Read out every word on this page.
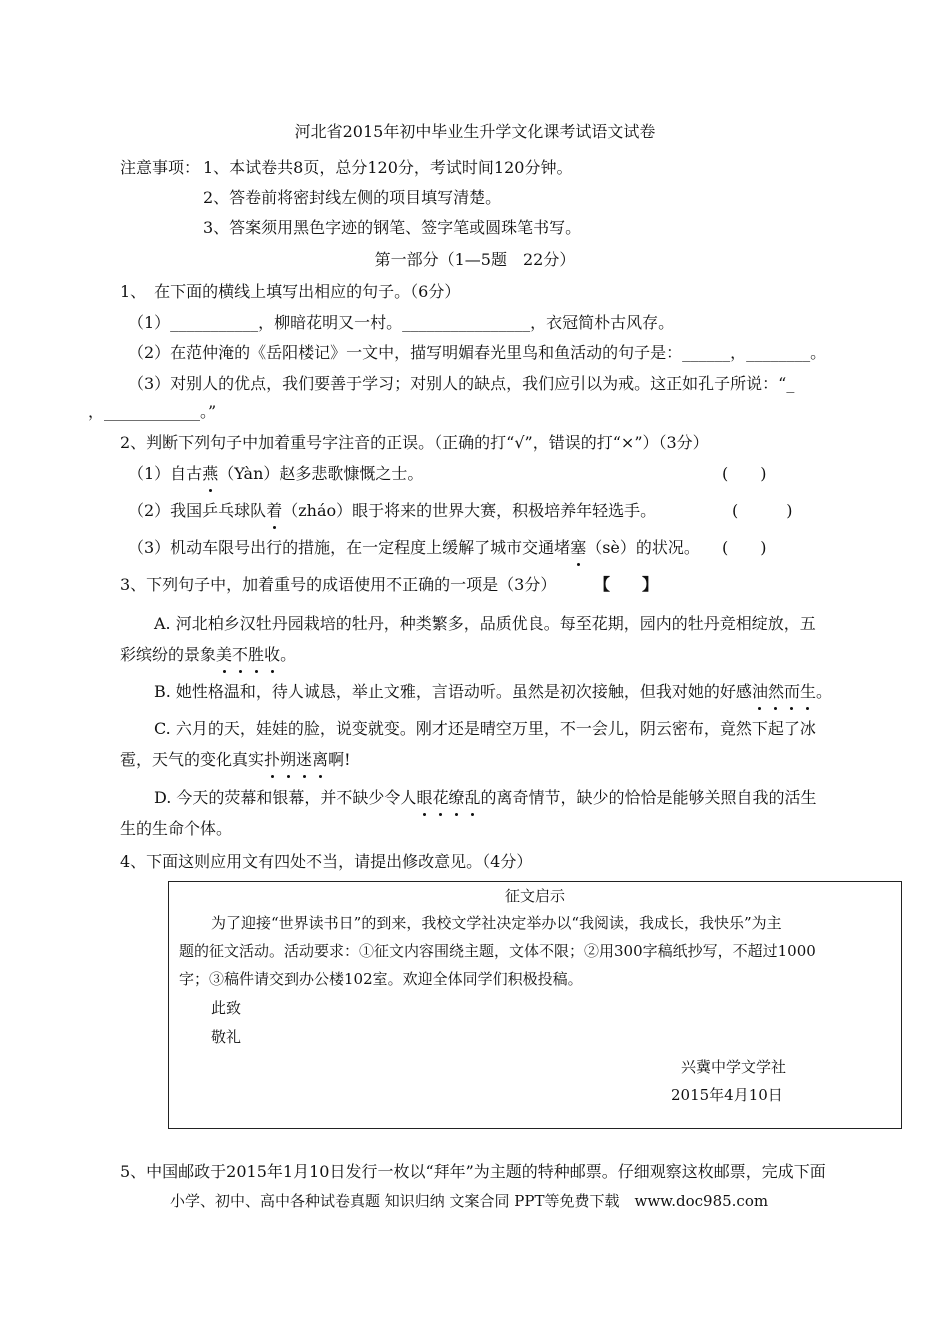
河北省2015年初中毕业生升学文化课考试语文试卷
注意事项： 1、本试卷共8页，总分120分，考试时间120分钟。
2、答卷前将密封线左侧的项目填写清楚。
3、答案须用黑色字迹的钢笔、签字笔或圆珠笔书写。
第一部分（1—5题　22分）
1、　在下面的横线上填写出相应的句子。（6分）
（1）___________，柳暗花明又一村。________________，衣冠简朴古风存。
（2）在范仲淹的《岳阳楼记》一文中，描写明媚春光里鸟和鱼活动的句子是：______，________。
（3）对别人的优点，我们要善于学习；对别人的缺点，我们应引以为戒。这正如孔子所说：“_
，____________。”
2、判断下列句子中加着重号字注音的正误。（正确的打“√”，错误的打“×”）（3分）
（1）自古燕（Yàn）赵多悲歌慷慨之士。	(　　)
（2）我国乒乓球队着（zháo）眼于将来的世界大赛，积极培养年轻选手。	(　　　)
（3）机动车限号出行的措施，在一定程度上缓解了城市交通堵塞（sè）的状况。 (　　)
3、下列句子中，加着重号的成语使用不正确的一项是（3分） 【　　】
A. 河北柏乡汉牡丹园栽培的牡丹，种类繁多，品质优良。每至花期，园内的牡丹竞相绽放，五
彩缤纷的景象美不胜收。
B. 她性格温和，待人诚恳，举止文雅，言语动听。虽然是初次接触，但我对她的好感油然而生。
C. 六月的天，娃娃的脸，说变就变。刚才还是晴空万里，不一会儿，阴云密布，竟然下起了冰
雹，天气的变化真实扑朔迷离啊!
D. 今天的荧幕和银幕，并不缺少令人眼花缭乱的离奇情节，缺少的恰恰是能够关照自我的活生
生的生命个体。
4、下面这则应用文有四处不当，请提出修改意见。（4分）
征文启示
为了迎接“世界读书日”的到来，我校文学社决定举办以“我阅读，我成长，我快乐”为主
题的征文活动。活动要求：①征文内容围绕主题，文体不限；②用300字稿纸抄写，不超过1000
字；③稿件请交到办公楼102室。欢迎全体同学们积极投稿。
此致
敬礼
兴冀中学文学社
2015年4月10日
5、中国邮政于2015年1月10日发行一枚以“拜年”为主题的特种邮票。仔细观察这枚邮票，完成下面
小学、初中、高中各种试卷真题 知识归纳 文案合同 PPT等免费下载　www.doc985.com
